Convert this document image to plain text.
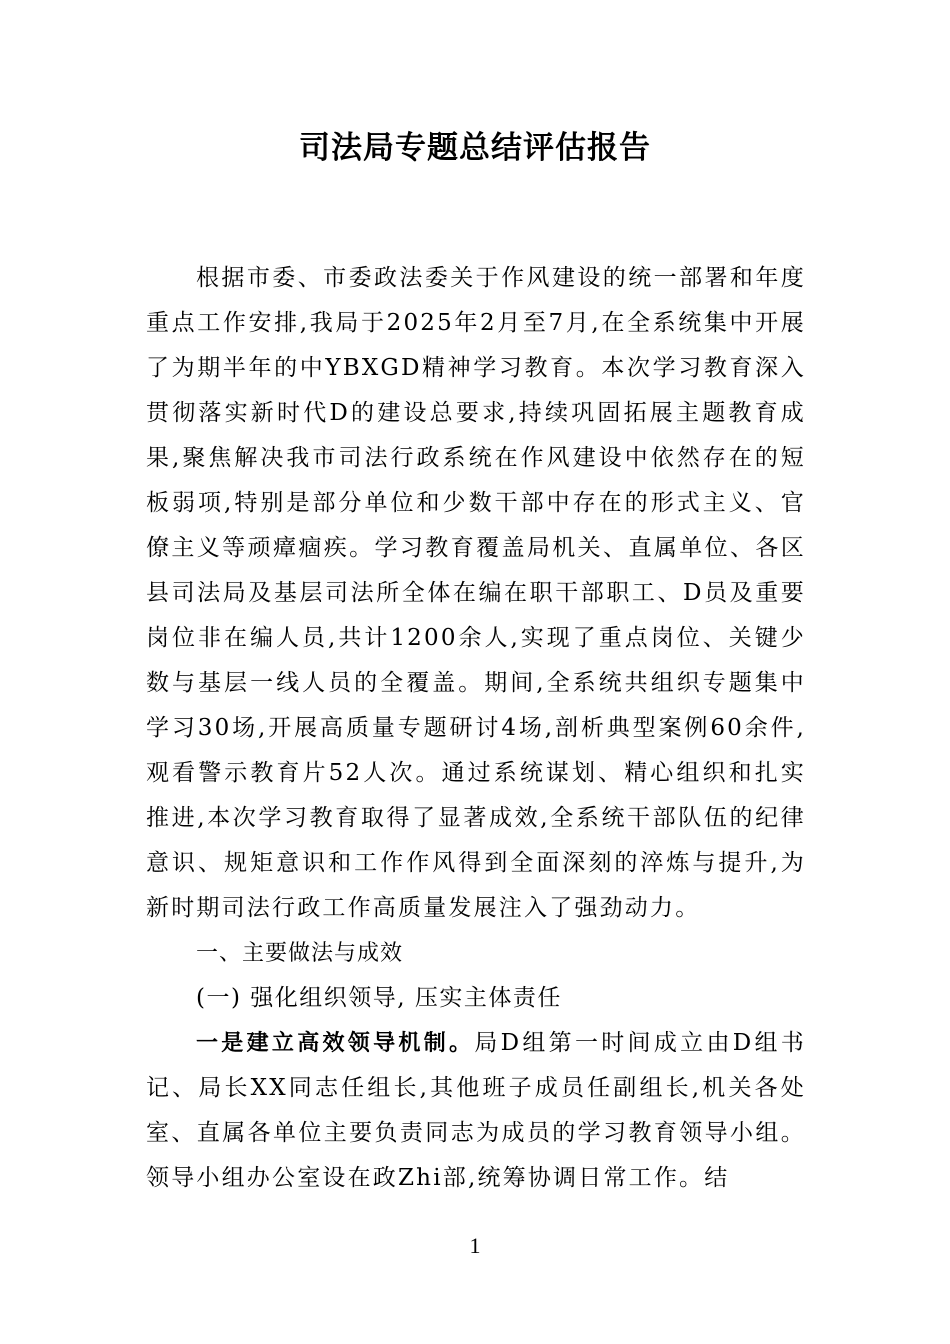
司法局专题总结评估报告

根据市委、市委政法委关于作风建设的统一部署和年度重点工作安排,我局于2025年2月至7月,在全系统集中开展了为期半年的中YBXGD精神学习教育。本次学习教育深入贯彻落实新时代D的建设总要求,持续巩固拓展主题教育成果,聚焦解决我市司法行政系统在作风建设中依然存在的短板弱项,特别是部分单位和少数干部中存在的形式主义、官僚主义等顽瘴痼疾。学习教育覆盖局机关、直属单位、各区县司法局及基层司法所全体在编在职干部职工、D员及重要岗位非在编人员,共计1200余人,实现了重点岗位、关键少数与基层一线人员的全覆盖。期间,全系统共组织专题集中学习30场,开展高质量专题研讨4场,剖析典型案例60余件,观看警示教育片52人次。通过系统谋划、精心组织和扎实推进,本次学习教育取得了显著成效,全系统干部队伍的纪律意识、规矩意识和工作作风得到全面深刻的淬炼与提升,为新时期司法行政工作高质量发展注入了强劲动力。

一、主要做法与成效

(一) 强化组织领导, 压实主体责任

一是建立高效领导机制。局D组第一时间成立由D组书记、局长XX同志任组长,其他班子成员任副组长,机关各处室、直属各单位主要负责同志为成员的学习教育领导小组。领导小组办公室设在政Zhi部,统筹协调日常工作。结

1
